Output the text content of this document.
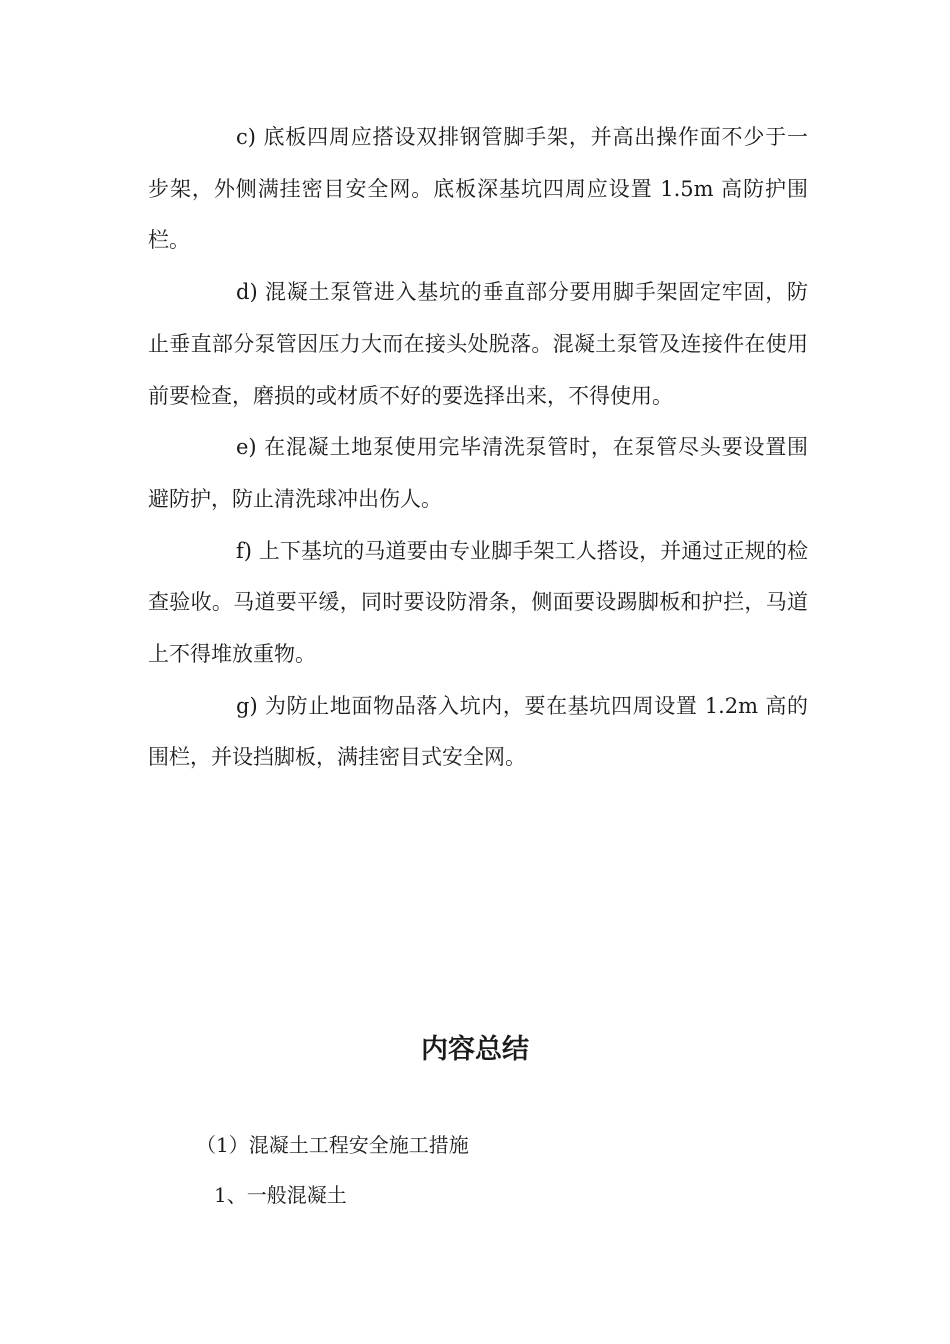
c) 底板四周应搭设双排钢管脚手架，并高出操作面不少于一步架，外侧满挂密目安全网。底板深基坑四周应设置 1.5m 高防护围栏。

d) 混凝土泵管进入基坑的垂直部分要用脚手架固定牢固，防止垂直部分泵管因压力大而在接头处脱落。混凝土泵管及连接件在使用前要检查，磨损的或材质不好的要选择出来，不得使用。

e) 在混凝土地泵使用完毕清洗泵管时，在泵管尽头要设置围避防护，防止清洗球冲出伤人。

f) 上下基坑的马道要由专业脚手架工人搭设，并通过正规的检查验收。马道要平缓，同时要设防滑条，侧面要设踢脚板和护拦，马道上不得堆放重物。

g) 为防止地面物品落入坑内，要在基坑四周设置 1.2m 高的围栏，并设挡脚板，满挂密目式安全网。

内容总结

（1）混凝土工程安全施工措施

1、一般混凝土
